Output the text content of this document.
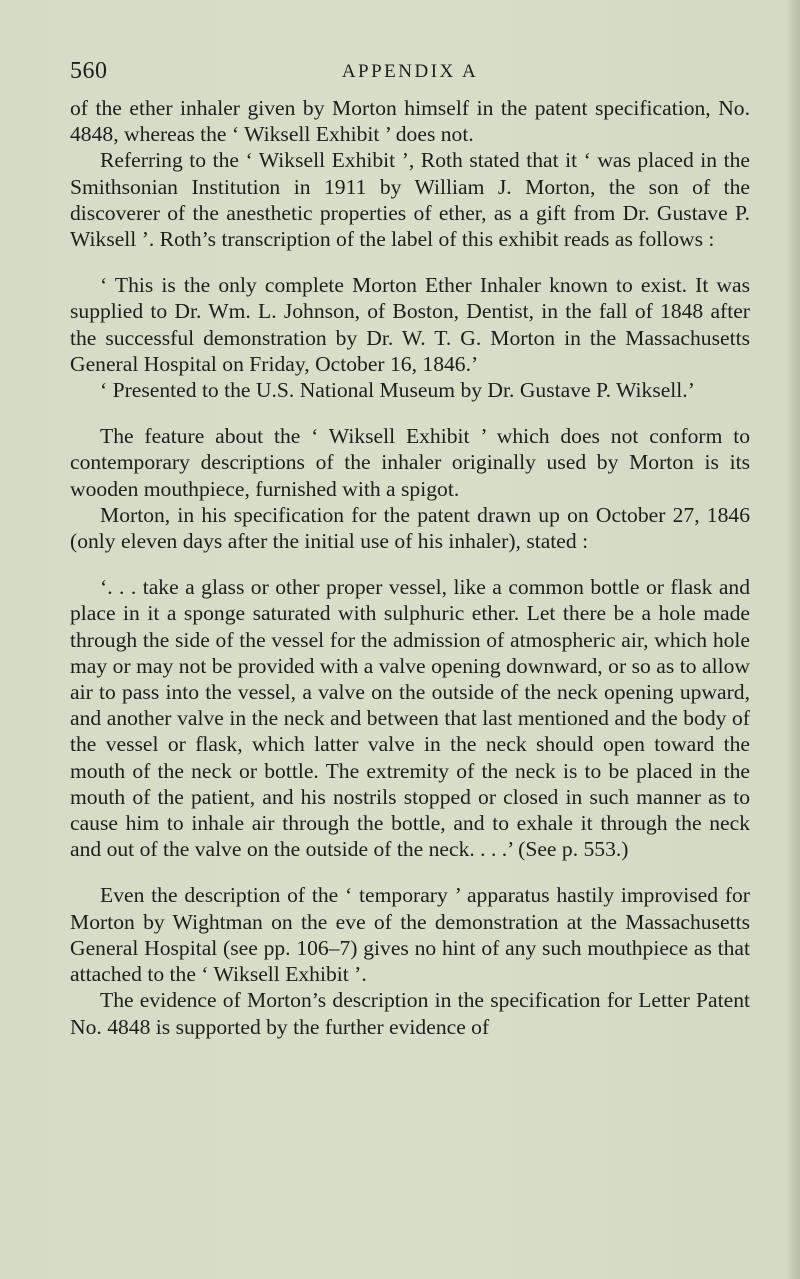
560	APPENDIX A

of the ether inhaler given by Morton himself in the patent specification, No. 4848, whereas the ‘ Wiksell Exhibit ’ does not.

Referring to the ‘ Wiksell Exhibit ’, Roth stated that it ‘ was placed in the Smithsonian Institution in 1911 by William J. Morton, the son of the discoverer of the anesthetic properties of ether, as a gift from Dr. Gustave P. Wiksell ’. Roth’s transcription of the label of this exhibit reads as follows :

‘ This is the only complete Morton Ether Inhaler known to exist. It was supplied to Dr. Wm. L. Johnson, of Boston, Dentist, in the fall of 1848 after the successful demonstration by Dr. W. T. G. Morton in the Massachusetts General Hospital on Friday, October 16, 1846.’

‘ Presented to the U.S. National Museum by Dr. Gustave P. Wiksell.’

The feature about the ‘ Wiksell Exhibit ’ which does not conform to contemporary descriptions of the inhaler originally used by Morton is its wooden mouthpiece, furnished with a spigot.

Morton, in his specification for the patent drawn up on October 27, 1846 (only eleven days after the initial use of his inhaler), stated :

‘. . . take a glass or other proper vessel, like a common bottle or flask and place in it a sponge saturated with sulphuric ether. Let there be a hole made through the side of the vessel for the admission of atmospheric air, which hole may or may not be provided with a valve opening downward, or so as to allow air to pass into the vessel, a valve on the outside of the neck opening upward, and another valve in the neck and between that last mentioned and the body of the vessel or flask, which latter valve in the neck should open toward the mouth of the neck or bottle. The extremity of the neck is to be placed in the mouth of the patient, and his nostrils stopped or closed in such manner as to cause him to inhale air through the bottle, and to exhale it through the neck and out of the valve on the outside of the neck. . . .’ (See p. 553.)

Even the description of the ‘ temporary ’ apparatus hastily improvised for Morton by Wightman on the eve of the demonstration at the Massachusetts General Hospital (see pp. 106–7) gives no hint of any such mouthpiece as that attached to the ‘ Wiksell Exhibit ’.

The evidence of Morton’s description in the specification for Letter Patent No. 4848 is supported by the further evidence of
